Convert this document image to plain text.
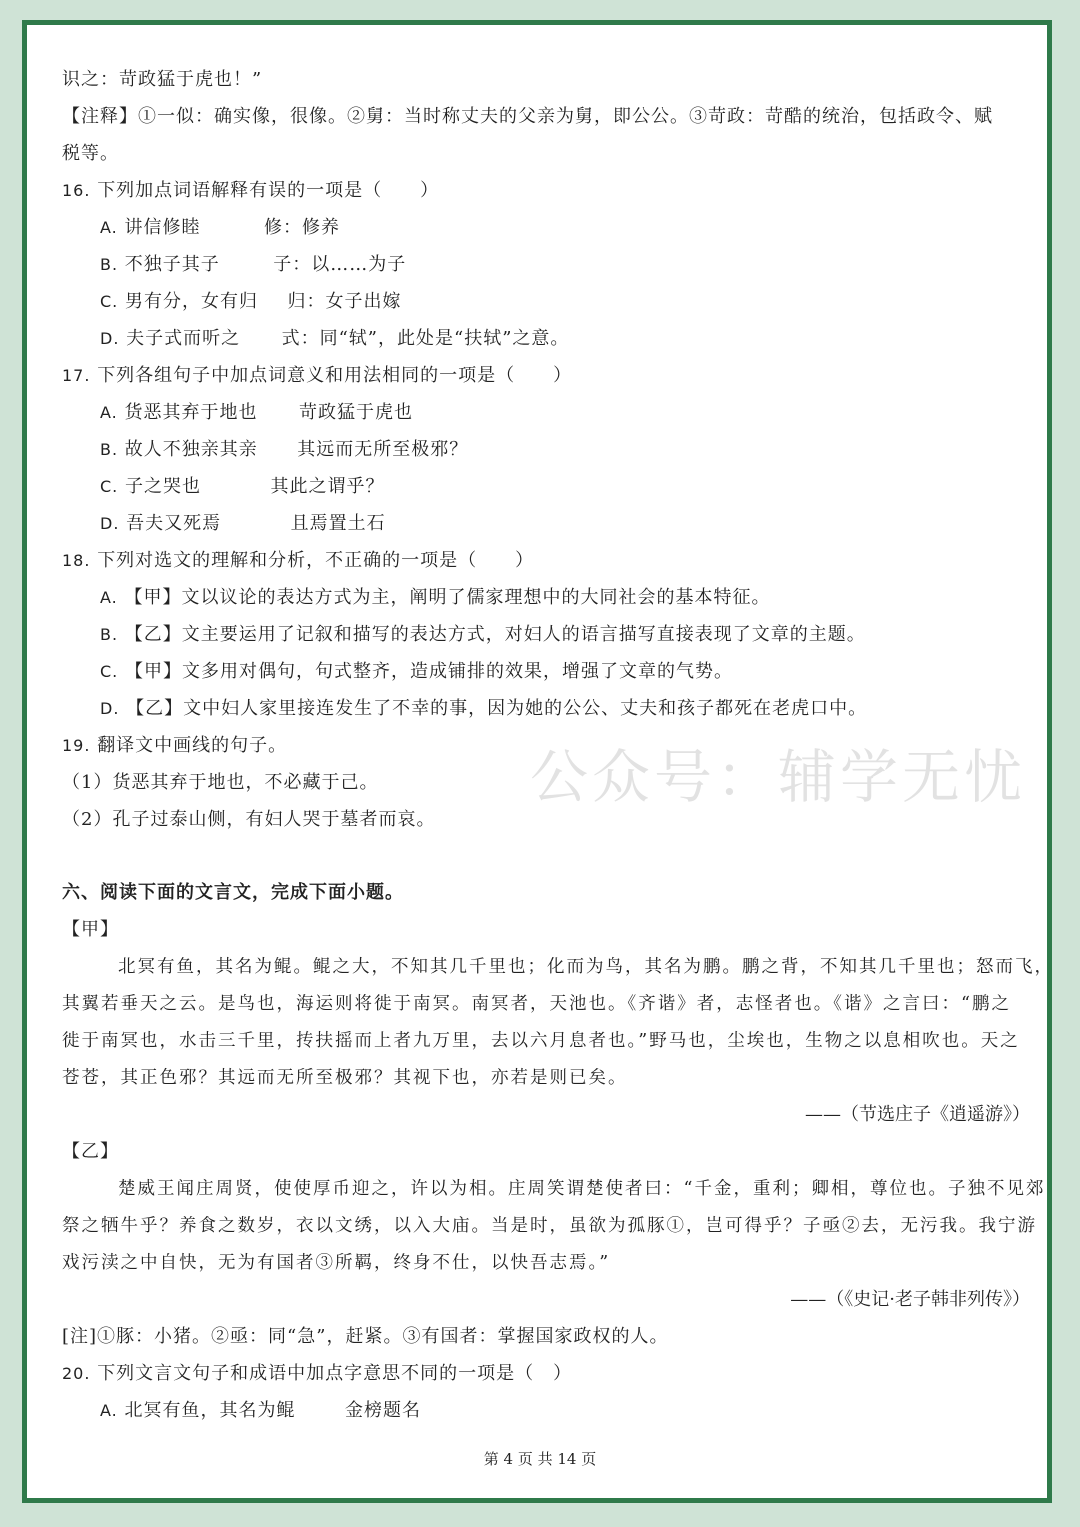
公众号：辅学无忧
识之：苛政猛于虎也！”
【注释】①一似：确实像，很像。②舅：当时称丈夫的父亲为舅，即公公。③苛政：苛酷的统治，包括政令、赋
税等。
16. 下列加点词语解释有误的一项是（　　）
A. 讲信修睦	修：修养
B. 不独子其子	子：以……为子
C. 男有分，女有归 归：女子出嫁
D. 夫子式而听之 式：同“轼”，此处是“扶轼”之意。
17. 下列各组句子中加点词意义和用法相同的一项是（　　）
A. 货恶其弃于地也 苛政猛于虎也
B. 故人不独亲其亲 其远而无所至极邪？
C. 子之哭也	其此之谓乎？
D. 吾夫又死焉	且焉置土石
18. 下列对选文的理解和分析，不正确的一项是（　　）
A. 【甲】文以议论的表达方式为主，阐明了儒家理想中的大同社会的基本特征。
B. 【乙】文主要运用了记叙和描写的表达方式，对妇人的语言描写直接表现了文章的主题。
C. 【甲】文多用对偶句，句式整齐，造成铺排的效果，增强了文章的气势。
D. 【乙】文中妇人家里接连发生了不幸的事，因为她的公公、丈夫和孩子都死在老虎口中。
19. 翻译文中画线的句子。
（1）货恶其弃于地也，不必藏于己。
（2）孔子过泰山侧，有妇人哭于墓者而哀。
六、阅读下面的文言文，完成下面小题。
【甲】
北冥有鱼，其名为鲲。鲲之大，不知其几千里也；化而为鸟，其名为鹏。鹏之背，不知其几千里也；怒而飞，
其翼若垂天之云。是鸟也，海运则将徙于南冥。南冥者，天池也。《齐谐》者，志怪者也。《谐》之言曰：“鹏之
徙于南冥也，水击三千里，抟扶摇而上者九万里，去以六月息者也。”野马也，尘埃也，生物之以息相吹也。天之
苍苍，其正色邪？其远而无所至极邪？其视下也，亦若是则已矣。
——（节选庄子《逍遥游》）
【乙】
楚威王闻庄周贤，使使厚币迎之，许以为相。庄周笑谓楚使者曰：“千金，重利；卿相，尊位也。子独不见郊
祭之牺牛乎？养食之数岁，衣以文绣，以入大庙。当是时，虽欲为孤豚①，岂可得乎？子亟②去，无污我。我宁游
戏污渎之中自快，无为有国者③所羁，终身不仕，以快吾志焉。”
——（《史记·老子韩非列传》）
[注]①豚：小猪。②亟：同“急”，赶紧。③有国者：掌握国家政权的人。
20. 下列文言文句子和成语中加点字意思不同的一项是（　）
A. 北冥有鱼，其名为鲲	金榜题名
第 4 页 共 14 页
